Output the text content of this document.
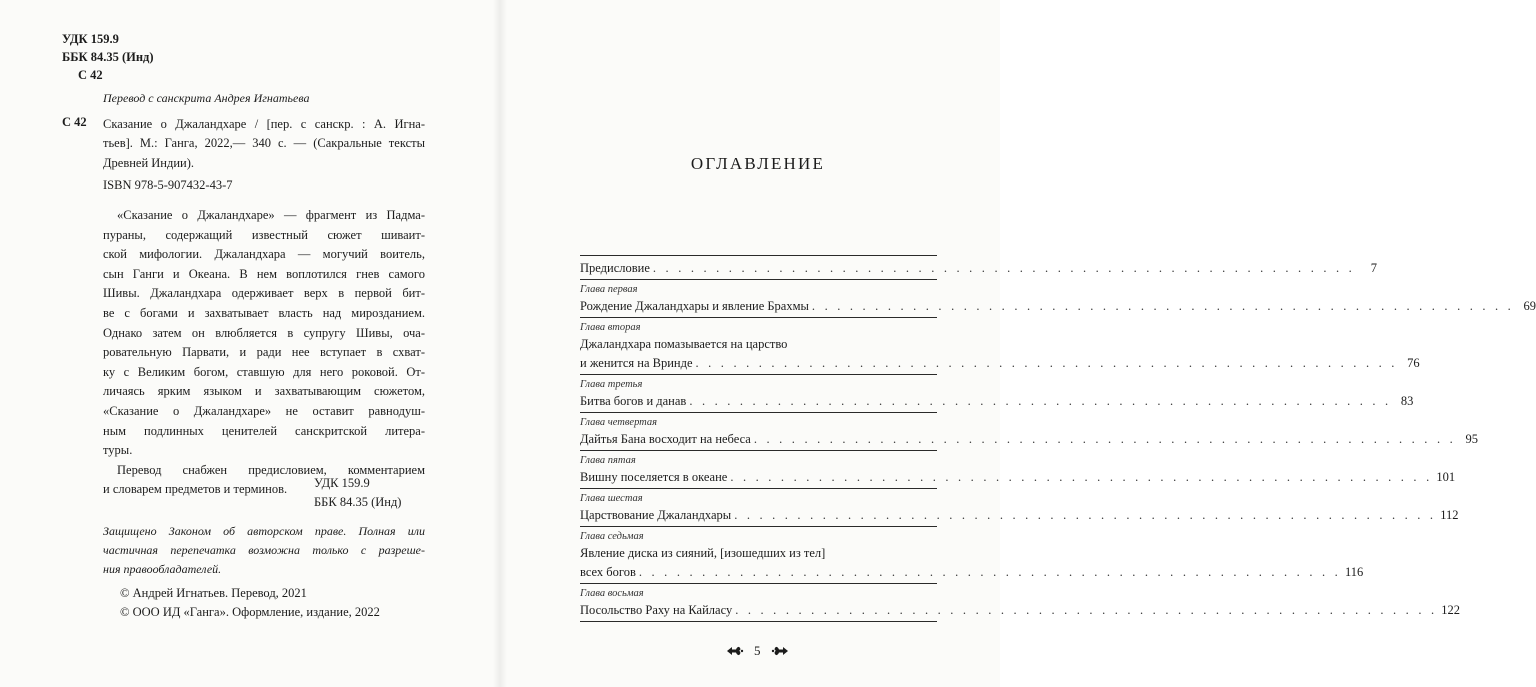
УДК 159.9
ББК 84.35 (Инд)
С 42
Перевод с санскрита Андрея Игнатьева
С 42 Сказание о Джаландхаре / [пер. с санскр. : А. Игна-
тьев]. М.: Ганга, 2022,— 340 с. — (Сакральные тексты
Древней Индии).
ISBN 978-5-907432-43-7
«Сказание о Джаландхаре» — фрагмент из Падма-
пураны, содержащий известный сюжет шиваит-
ской мифологии. Джаландхара — могучий воитель,
сын Ганги и Океана. В нем воплотился гнев самого
Шивы. Джаландхара одерживает верх в первой бит-
ве с богами и захватывает власть над мирозданием.
Однако затем он влюбляется в супругу Шивы, оча-
ровательную Парвати, и ради нее вступает в схват-
ку с Великим богом, ставшую для него роковой. От-
личаясь ярким языком и захватывающим сюжетом,
«Сказание о Джаландхаре» не оставит равнодуш-
ным подлинных ценителей санскритской литера-
туры.
Перевод снабжен предисловием, комментарием
и словарем предметов и терминов.	УДК 159.9
ББК 84.35 (Инд)
Защищено Законом об авторском праве. Полная или
частичная перепечатка возможна только с разреше-
ния правообладателей.
© Андрей Игнатьев. Перевод, 2021
© ООО ИД «Ганга». Оформление, издание, 2022
ОГЛАВЛЕНИЕ
Предисловие . . . . . . . . . . . . . . . . . . . . . . . . . . . . . . . . . . . . . . . . . . . . . . . . . . . . . . . .	7
Глава первая
Рождение Джаландхары и явление Брахмы . . . . . . . . . . . . . . . . . . . . . . . . . . . . . . . . . . . . . . . . . . . . . . . . . . . . . . . . 69
Глава вторая
Джаландхара помазывается на царство
и женится на Вринде . . . . . . . . . . . . . . . . . . . . . . . . . . . . . . . . . . . . . . . . . . . . . . . . . . . . . . . . 76
Глава третья
Битва богов и данав . . . . . . . . . . . . . . . . . . . . . . . . . . . . . . . . . . . . . . . . . . . . . . . . . . . . . . . . 83
Глава четвертая
Дайтья Бана восходит на небеса . . . . . . . . . . . . . . . . . . . . . . . . . . . . . . . . . . . . . . . . . . . . . . . . . . . . . . . . 95
Глава пятая
Вишну поселяется в океане . . . . . . . . . . . . . . . . . . . . . . . . . . . . . . . . . . . . . . . . . . . . . . . . . . . . . . . . 101
Глава шестая
Царствование Джаландхары . . . . . . . . . . . . . . . . . . . . . . . . . . . . . . . . . . . . . . . . . . . . . . . . . . . . . . . . 112
Глава седьмая
Явление диска из сияний, [изошедших из тел]
всех богов . . . . . . . . . . . . . . . . . . . . . . . . . . . . . . . . . . . . . . . . . . . . . . . . . . . . . . . . 116
Глава восьмая
Посольство Раху на Кайласу . . . . . . . . . . . . . . . . . . . . . . . . . . . . . . . . . . . . . . . . . . . . . . . . . . . . . . . . 122
5
